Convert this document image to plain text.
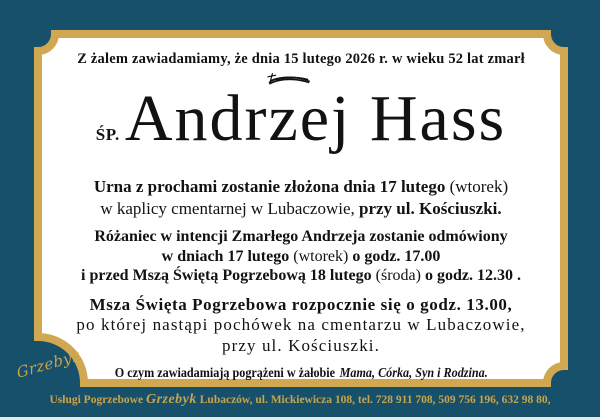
Z żalem zawiadamiamy, że dnia 15 lutego 2026 r. w wieku 52 lat zmarł
ŚP.Andrzej Hass
Urna z prochami zostanie złożona dnia 17 lutego (wtorek)
w kaplicy cmentarnej w Lubaczowie, przy ul. Kościuszki.
Różaniec w intencji Zmarłego Andrzeja zostanie odmówiony
w dniach 17 lutego (wtorek) o godz. 17.00
i przed Mszą Świętą Pogrzebową 18 lutego (środa) o godz. 12.30 .
Msza Święta Pogrzebowa rozpocznie się o godz. 13.00,
po której nastąpi pochówek na cmentarzu w Lubaczowie,
przy ul. Kościuszki.
O czym zawiadamiają pogrążeni w żałobie Mama, Córka, Syn i Rodzina.
Grzebyk
Usługi Pogrzebowe Grzebyk Lubaczów, ul. Mickiewicza 108, tel. 728 911 708, 509 756 196, 632 98 80,
